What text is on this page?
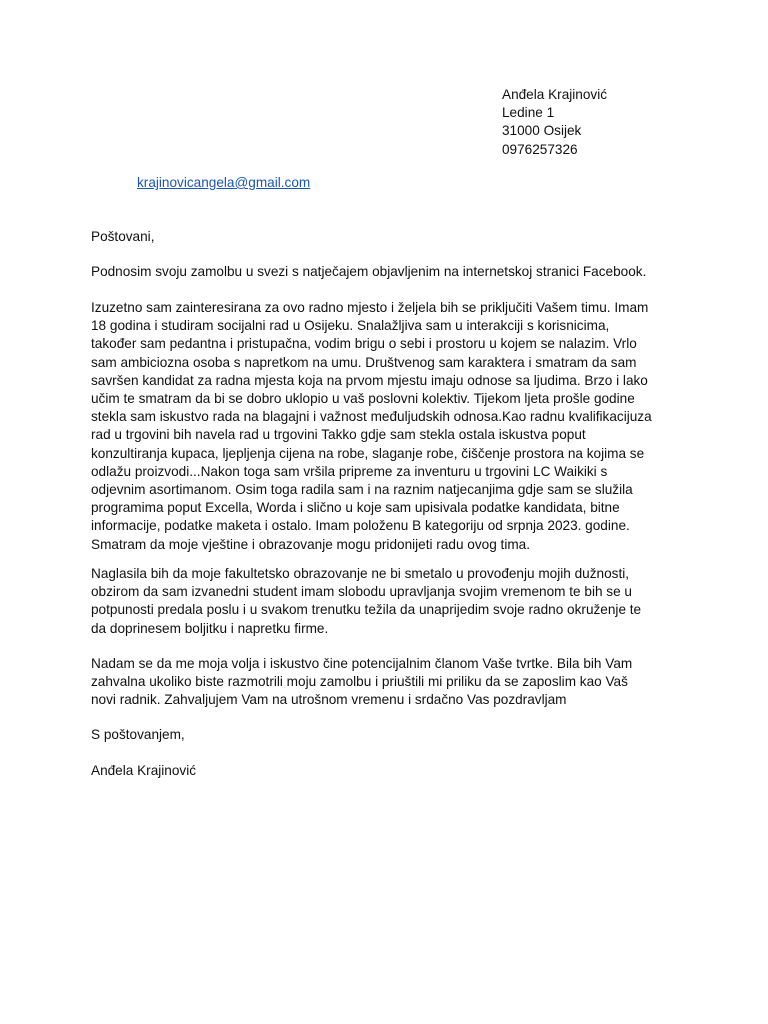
Anđela Krajinović
Ledine 1
31000 Osijek
0976257326
krajinovicangela@gmail.com
Poštovani,
Podnosim svoju zamolbu u svezi s natječajem objavljenim na internetskoj stranici Facebook.
Izuzetno sam zainteresirana za ovo radno mjesto i željela bih se priključiti Vašem timu. Imam
18 godina i studiram socijalni rad u Osijeku. Snalažljiva sam u interakciji s korisnicima,
također sam pedantna i pristupačna, vodim brigu o sebi i prostoru u kojem se nalazim. Vrlo
sam ambiciozna osoba s napretkom na umu. Društvenog sam karaktera i smatram da sam
savršen kandidat za radna mjesta koja na prvom mjestu imaju odnose sa ljudima. Brzo i lako
učim te smatram da bi se dobro uklopio u vaš poslovni kolektiv. Tijekom ljeta prošle godine
stekla sam iskustvo rada na blagajni i važnost međuljudskih odnosa.Kao radnu kvalifikacijuza
rad u trgovini bih navela rad u trgovini Takko gdje sam stekla ostala iskustva poput
konzultiranja kupaca, ljepljenja cijena na robe, slaganje robe, čiščenje prostora na kojima se
odlažu proizvodi...Nakon toga sam vršila pripreme za inventuru u trgovini LC Waikiki s
odjevnim asortimanom. Osim toga radila sam i na raznim natjecanjima gdje sam se služila
programima poput Excella, Worda i slično u koje sam upisivala podatke kandidata, bitne
informacije, podatke maketa i ostalo. Imam položenu B kategoriju od srpnja 2023. godine.
Smatram da moje vještine i obrazovanje mogu pridonijeti radu ovog tima.
Naglasila bih da moje fakultetsko obrazovanje ne bi smetalo u provođenju mojih dužnosti,
obzirom da sam izvanedni student imam slobodu upravljanja svojim vremenom te bih se u
potpunosti predala poslu i u svakom trenutku težila da unaprijedim svoje radno okruženje te
da doprinesem boljitku i napretku firme.
Nadam se da me moja volja i iskustvo čine potencijalnim članom Vaše tvrtke. Bila bih Vam
zahvalna ukoliko biste razmotrili moju zamolbu i priuštili mi priliku da se zaposlim kao Vaš
novi radnik. Zahvaljujem Vam na utrošnom vremenu i srdačno Vas pozdravljam
S poštovanjem,
Anđela Krajinović
